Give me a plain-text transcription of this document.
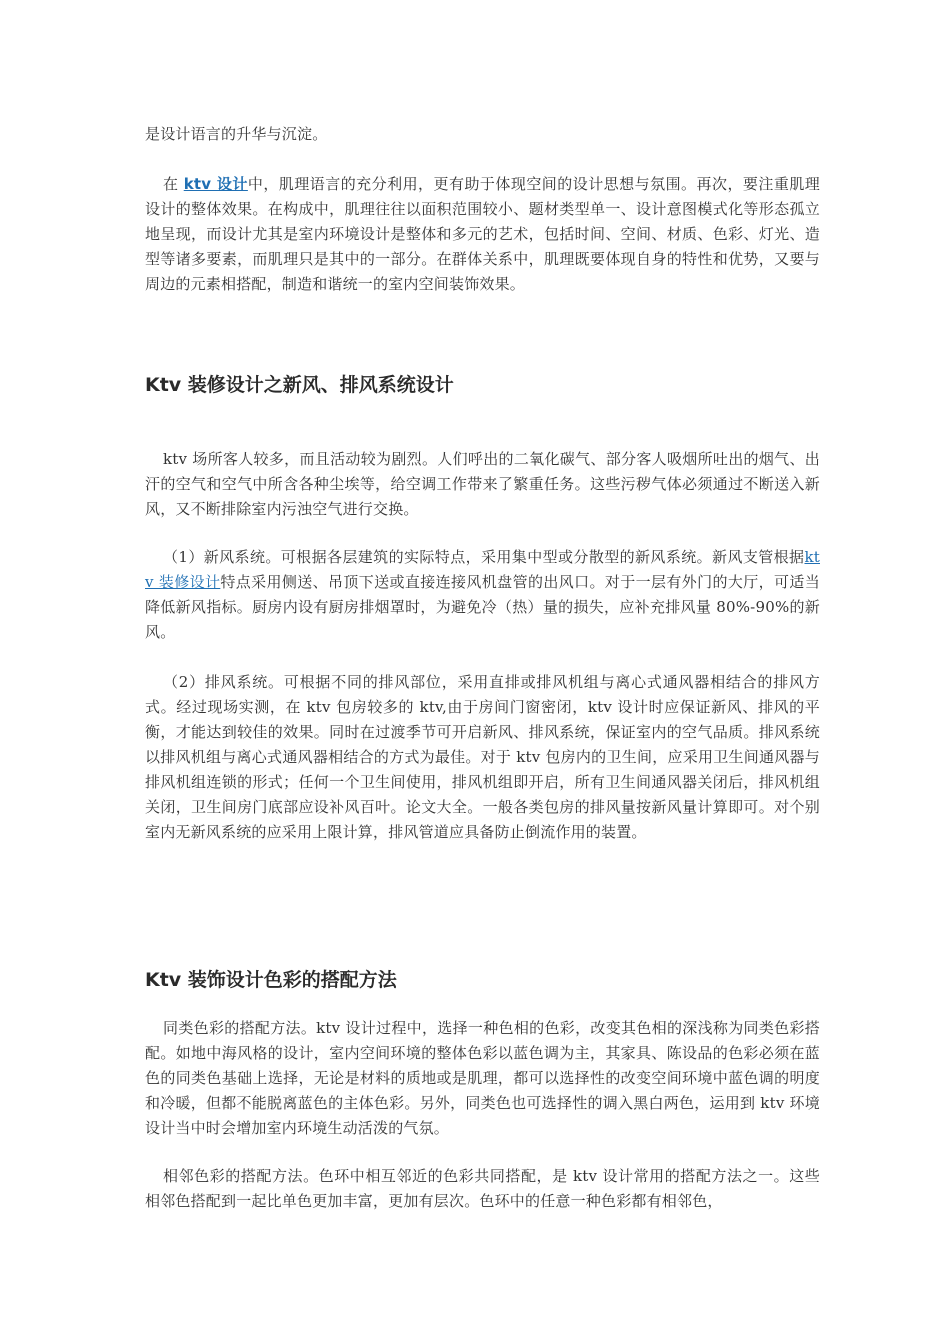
是设计语言的升华与沉淀。

在 ktv 设计中，肌理语言的充分利用，更有助于体现空间的设计思想与氛围。再次，要注重肌理设计的整体效果。在构成中，肌理往往以面积范围较小、题材类型单一、设计意图模式化等形态孤立地呈现，而设计尤其是室内环境设计是整体和多元的艺术，包括时间、空间、材质、色彩、灯光、造型等诸多要素，而肌理只是其中的一部分。在群体关系中，肌理既要体现自身的特性和优势，又要与周边的元素相搭配，制造和谐统一的室内空间装饰效果。

Ktv 装修设计之新风、排风系统设计

ktv 场所客人较多，而且活动较为剧烈。人们呼出的二氧化碳气、部分客人吸烟所吐出的烟气、出汗的空气和空气中所含各种尘埃等，给空调工作带来了繁重任务。这些污秽气体必须通过不断送入新风，又不断排除室内污浊空气进行交换。

（1）新风系统。可根据各层建筑的实际特点，采用集中型或分散型的新风系统。新风支管根据ktv 装修设计特点采用侧送、吊顶下送或直接连接风机盘管的出风口。对于一层有外门的大厅，可适当降低新风指标。厨房内设有厨房排烟罩时，为避免冷（热）量的损失，应补充排风量 80%-90%的新风。

（2）排风系统。可根据不同的排风部位，采用直排或排风机组与离心式通风器相结合的排风方式。经过现场实测，在 ktv 包房较多的 ktv,由于房间门窗密闭，ktv 设计时应保证新风、排风的平衡，才能达到较佳的效果。同时在过渡季节可开启新风、排风系统，保证室内的空气品质。排风系统以排风机组与离心式通风器相结合的方式为最佳。对于 ktv 包房内的卫生间，应采用卫生间通风器与排风机组连锁的形式；任何一个卫生间使用，排风机组即开启，所有卫生间通风器关闭后，排风机组关闭，卫生间房门底部应设补风百叶。论文大全。一般各类包房的排风量按新风量计算即可。对个别室内无新风系统的应采用上限计算，排风管道应具备防止倒流作用的装置。

Ktv 装饰设计色彩的搭配方法

同类色彩的搭配方法。ktv 设计过程中，选择一种色相的色彩，改变其色相的深浅称为同类色彩搭配。如地中海风格的设计，室内空间环境的整体色彩以蓝色调为主，其家具、陈设品的色彩必须在蓝色的同类色基础上选择，无论是材料的质地或是肌理，都可以选择性的改变空间环境中蓝色调的明度和冷暖，但都不能脱离蓝色的主体色彩。另外，同类色也可选择性的调入黑白两色，运用到 ktv 环境设计当中时会增加室内环境生动活泼的气氛。

相邻色彩的搭配方法。色环中相互邻近的色彩共同搭配，是 ktv 设计常用的搭配方法之一。这些相邻色搭配到一起比单色更加丰富，更加有层次。色环中的任意一种色彩都有相邻色，
